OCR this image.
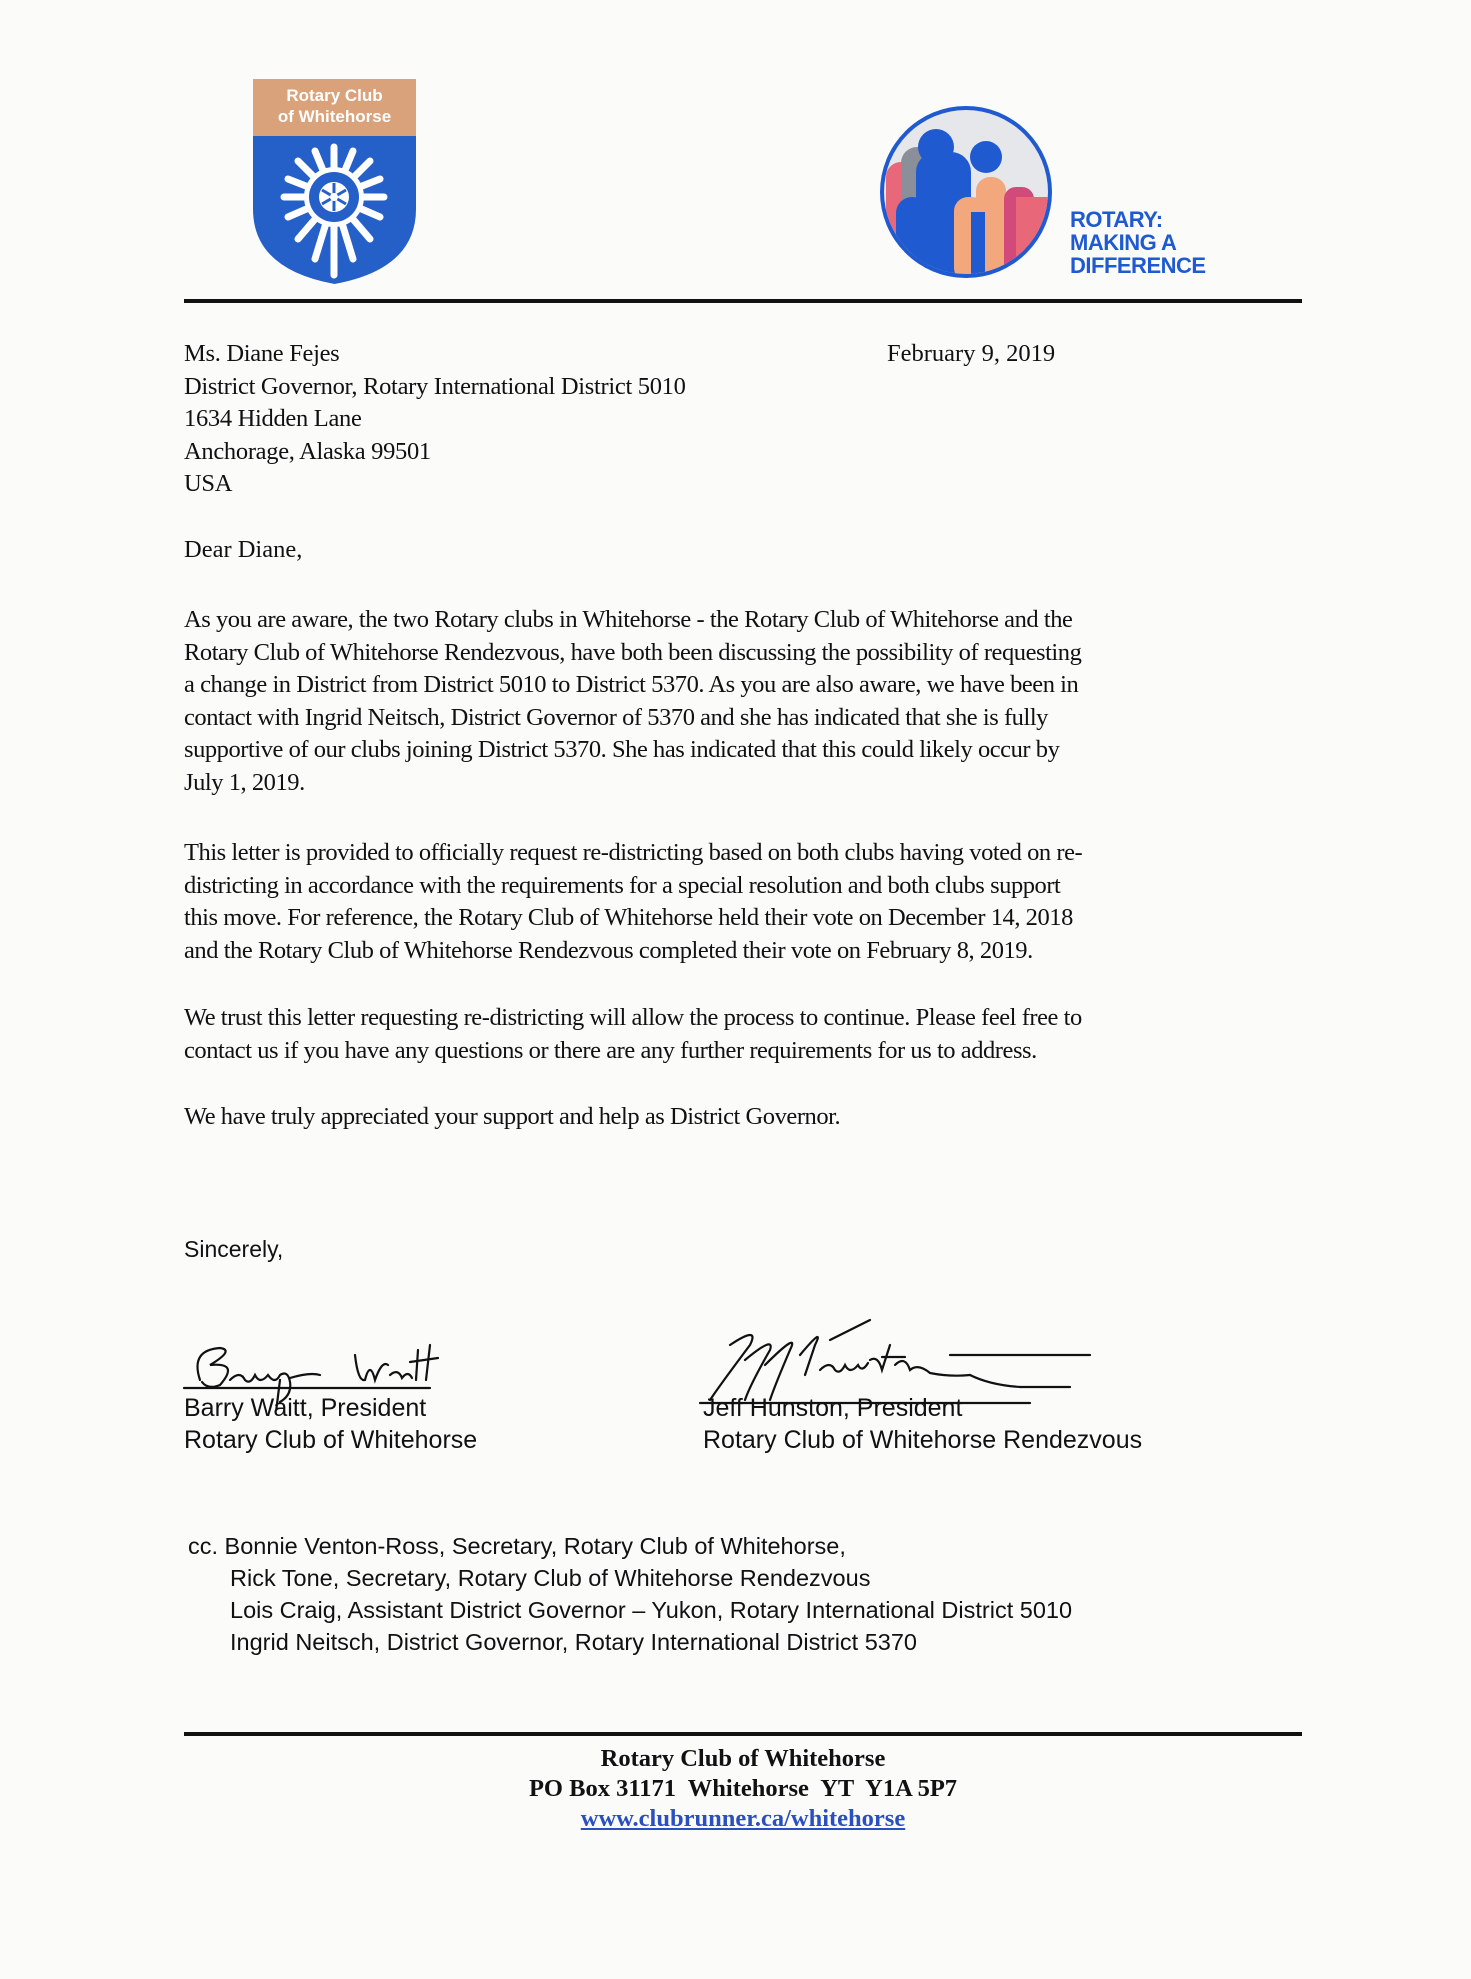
Rotary Club
of Whitehorse
ROTARY:
MAKING A
DIFFERENCE
Ms. Diane Fejes
District Governor, Rotary International District 5010
1634 Hidden Lane
Anchorage, Alaska 99501
USA
February 9, 2019
Dear Diane,
As you are aware, the two Rotary clubs in Whitehorse - the Rotary Club of Whitehorse and the
Rotary Club of Whitehorse Rendezvous, have both been discussing the possibility of requesting
a change in District from District 5010 to District 5370. As you are also aware, we have been in
contact with Ingrid Neitsch, District Governor of 5370 and she has indicated that she is fully
supportive of our clubs joining District 5370. She has indicated that this could likely occur by
July 1, 2019.
This letter is provided to officially request re-districting based on both clubs having voted on re-
districting in accordance with the requirements for a special resolution and both clubs support
this move. For reference, the Rotary Club of Whitehorse held their vote on December 14, 2018
and the Rotary Club of Whitehorse Rendezvous completed their vote on February 8, 2019.
We trust this letter requesting re-districting will allow the process to continue. Please feel free to
contact us if you have any questions or there are any further requirements for us to address.
We have truly appreciated your support and help as District Governor.
Sincerely,
Barry Waitt, President
Rotary Club of Whitehorse
Jeff Hunston, President
Rotary Club of Whitehorse Rendezvous
cc. Bonnie Venton-Ross, Secretary, Rotary Club of Whitehorse,
Rick Tone, Secretary, Rotary Club of Whitehorse Rendezvous
Lois Craig, Assistant District Governor – Yukon, Rotary International District 5010
Ingrid Neitsch, District Governor, Rotary International District 5370
Rotary Club of Whitehorse
PO Box 31171  Whitehorse  YT  Y1A 5P7
www.clubrunner.ca/whitehorse
